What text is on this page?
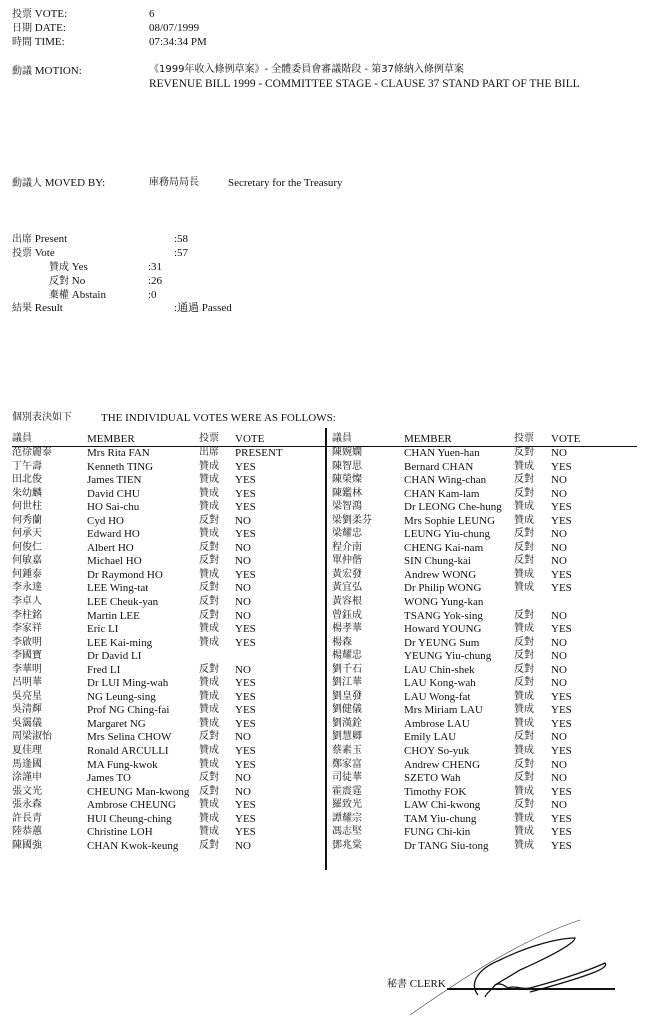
投票 VOTE:	6
日期 DATE:	08/07/1999
時間 TIME:	07:34:34 PM
動議 MOTION:	《1999年收入條例草案》- 全體委員會審議階段 - 第37條納入條例草案
REVENUE BILL 1999 - COMMITTEE STAGE - CLAUSE 37 STAND PART OF THE BILL
動議人 MOVED BY:	庫務局局長	Secretary for the Treasury
出席 Present	:58
投票 Vote	:57
贊成 Yes	:31
反對 No	:26
棄權 Abstain	:0
結果 Result	:通過 Passed
個別表決如下	THE INDIVIDUAL VOTES WERE AS FOLLOWS:
議員	MEMBER	投票 VOTE
范徐麗泰	Mrs Rita FAN	出席 PRESENT
丁午壽	Kenneth TING	贊成 YES
田北俊	James TIEN	贊成 YES
朱幼麟	David CHU	贊成 YES
何世柱	HO Sai-chu	贊成 YES
何秀蘭	Cyd HO	反對 NO
何承天	Edward HO	贊成 YES
何俊仁	Albert HO	反對 NO
何敏嘉	Michael HO	反對 NO
何鍾泰	Dr Raymond HO	贊成 YES
李永達	LEE Wing-tat	反對 NO
李卓人	LEE Cheuk-yan	反對 NO
李柱銘	Martin LEE	反對 NO
李家祥	Eric LI	贊成 YES
李啟明	LEE Kai-ming	贊成 YES
李國寶	Dr David LI
李華明	Fred LI	反對 NO
呂明華	Dr LUI Ming-wah	贊成 YES
吳亮星	NG Leung-sing	贊成 YES
吳清輝	Prof NG Ching-fai	贊成 YES
吳靄儀	Margaret NG	贊成 YES
周梁淑怡	Mrs Selina CHOW	反對 NO
夏佳理	Ronald ARCULLI	贊成 YES
馬逢國	MA Fung-kwok	贊成 YES
涂謹申	James TO	反對 NO
張文光	CHEUNG Man-kwong 反對 NO
張永森	Ambrose CHEUNG 贊成 YES
許長青	HUI Cheung-ching	贊成 YES
陸恭蕙	Christine LOH	贊成 YES
陳國強	CHAN Kwok-keung 反對 NO
議員	MEMBER	投票 VOTE
陳婉嫻	CHAN Yuen-han	反對 NO
陳智思	Bernard CHAN	贊成 YES
陳榮燦	CHAN Wing-chan	反對 NO
陳鑑林	CHAN Kam-lam	反對 NO
梁智鴻	Dr LEONG Che-hung 贊成 YES
梁劉柔芬	Mrs Sophie LEUNG 贊成 YES
梁耀忠	LEUNG Yiu-chung 反對 NO
程介南	CHENG Kai-nam	反對 NO
單仲偕	SIN Chung-kai	反對 NO
黃宏發	Andrew WONG	贊成 YES
黃宜弘	Dr Philip WONG	贊成 YES
黃容根	WONG Yung-kan
曾鈺成	TSANG Yok-sing	反對 NO
楊孝華	Howard YOUNG	贊成 YES
楊森	Dr YEUNG Sum	反對 NO
楊耀忠	YEUNG Yiu-chung 反對 NO
劉千石	LAU Chin-shek	反對 NO
劉江華	LAU Kong-wah	反對 NO
劉皇發	LAU Wong-fat	贊成 YES
劉健儀	Mrs Miriam LAU	贊成 YES
劉漢銓	Ambrose LAU	贊成 YES
劉慧卿	Emily LAU	反對 NO
蔡素玉	CHOY So-yuk	贊成 YES
鄭家富	Andrew CHENG	反對 NO
司徒華	SZETO Wah	反對 NO
霍震霆	Timothy FOK	贊成 YES
羅致光	LAW Chi-kwong	反對 NO
譚耀宗	TAM Yiu-chung	贊成 YES
馮志堅	FUNG Chi-kin	贊成 YES
鄧兆棠	Dr TANG Siu-tong	贊成 YES
秘書 CLERK
